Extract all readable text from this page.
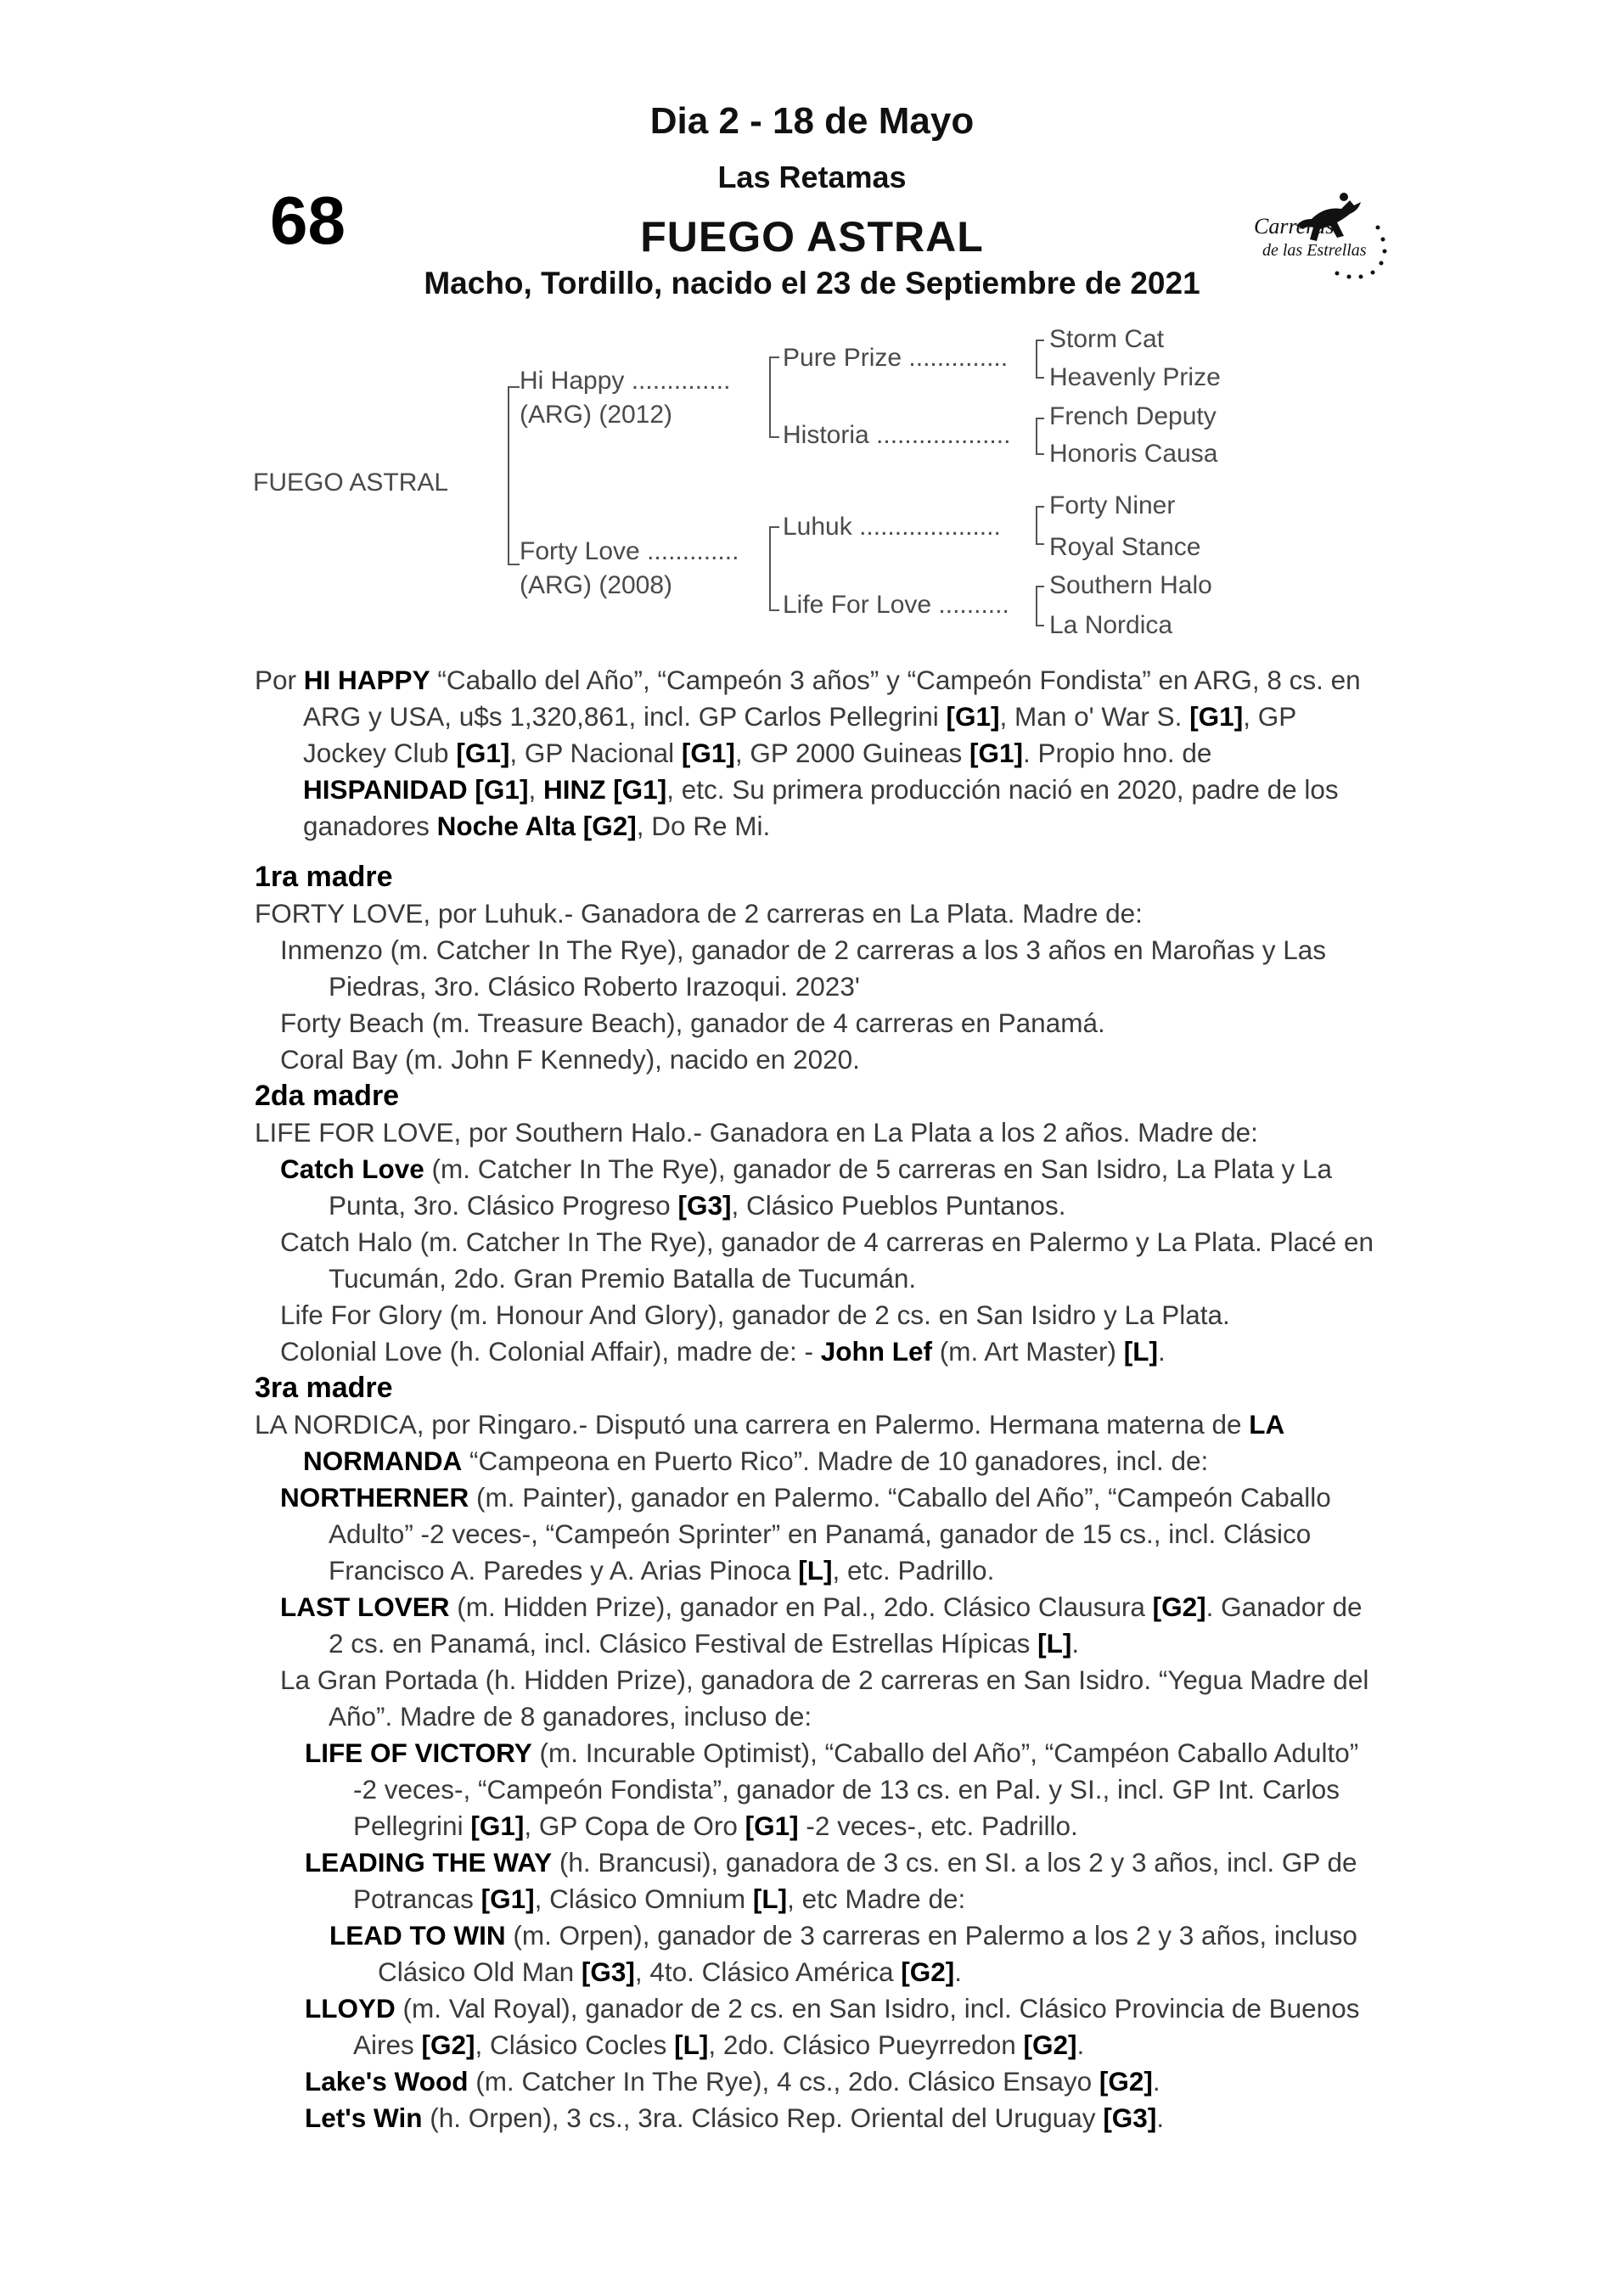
Dia 2 - 18 de Mayo
Las Retamas
68	FUEGO ASTRAL
Macho, Tordillo, nacido el 23 de Septiembre de 2021
Carreras
de las Estrellas
FUEGO ASTRAL
Hi Happy ..............
(ARG) (2012)
Forty Love .............
(ARG) (2008)
Pure Prize ..............
Historia ...................
Luhuk ....................
Life For Love ..........
Storm Cat
Heavenly Prize
French Deputy
Honoris Causa
Forty Niner
Royal Stance
Southern Halo
La Nordica

Por HI HAPPY “Caballo del Año”, “Campeón 3 años” y “Campeón Fondista” en ARG, 8 cs. en ARG y USA, u$s 1,320,861, incl. GP Carlos Pellegrini [G1], Man o' War S. [G1], GP Jockey Club [G1], GP Nacional [G1], GP 2000 Guineas [G1]. Propio hno. de HISPANIDAD [G1], HINZ [G1], etc. Su primera producción nació en 2020, padre de los ganadores Noche Alta [G2], Do Re Mi.

1ra madre

FORTY LOVE, por Luhuk.- Ganadora de 2 carreras en La Plata. Madre de:

Inmenzo (m. Catcher In The Rye), ganador de 2 carreras a los 3 años en Maroñas y Las Piedras, 3ro. Clásico Roberto Irazoqui. 2023'

Forty Beach (m. Treasure Beach), ganador de 4 carreras en Panamá.

Coral Bay (m. John F Kennedy), nacido en 2020.

2da madre

LIFE FOR LOVE, por Southern Halo.- Ganadora en La Plata a los 2 años. Madre de:

Catch Love (m. Catcher In The Rye), ganador de 5 carreras en San Isidro, La Plata y La Punta, 3ro. Clásico Progreso [G3], Clásico Pueblos Puntanos.

Catch Halo (m. Catcher In The Rye), ganador de 4 carreras en Palermo y La Plata. Placé en Tucumán, 2do. Gran Premio Batalla de Tucumán.

Life For Glory (m. Honour And Glory), ganador de 2 cs. en San Isidro y La Plata.

Colonial Love (h. Colonial Affair), madre de: - John Lef (m. Art Master) [L].

3ra madre

LA NORDICA, por Ringaro.- Disputó una carrera en Palermo. Hermana materna de LA NORMANDA “Campeona en Puerto Rico”. Madre de 10 ganadores, incl. de:

NORTHERNER (m. Painter), ganador en Palermo. “Caballo del Año”, “Campeón Caballo Adulto” -2 veces-, “Campeón Sprinter” en Panamá, ganador de 15 cs., incl. Clásico Francisco A. Paredes y A. Arias Pinoca [L], etc. Padrillo.

LAST LOVER (m. Hidden Prize), ganador en Pal., 2do. Clásico Clausura [G2]. Ganador de 2 cs. en Panamá, incl. Clásico Festival de Estrellas Hípicas [L].

La Gran Portada (h. Hidden Prize), ganadora de 2 carreras en San Isidro. “Yegua Madre del Año”. Madre de 8 ganadores, incluso de:

LIFE OF VICTORY (m. Incurable Optimist), “Caballo del Año”, “Campéon Caballo Adulto” -2 veces-, “Campeón Fondista”, ganador de 13 cs. en Pal. y SI., incl. GP Int. Carlos Pellegrini [G1], GP Copa de Oro [G1] -2 veces-, etc. Padrillo.

LEADING THE WAY (h. Brancusi), ganadora de 3 cs. en SI. a los 2 y 3 años, incl. GP de Potrancas [G1], Clásico Omnium [L], etc Madre de:

LEAD TO WIN (m. Orpen), ganador de 3 carreras en Palermo a los 2 y 3 años, incluso Clásico Old Man [G3], 4to. Clásico América [G2].

LLOYD (m. Val Royal), ganador de 2 cs. en San Isidro, incl. Clásico Provincia de Buenos Aires [G2], Clásico Cocles [L], 2do. Clásico Pueyrredon [G2].

Lake's Wood (m. Catcher In The Rye), 4 cs., 2do. Clásico Ensayo [G2].

Let's Win (h. Orpen), 3 cs., 3ra. Clásico Rep. Oriental del Uruguay [G3].
